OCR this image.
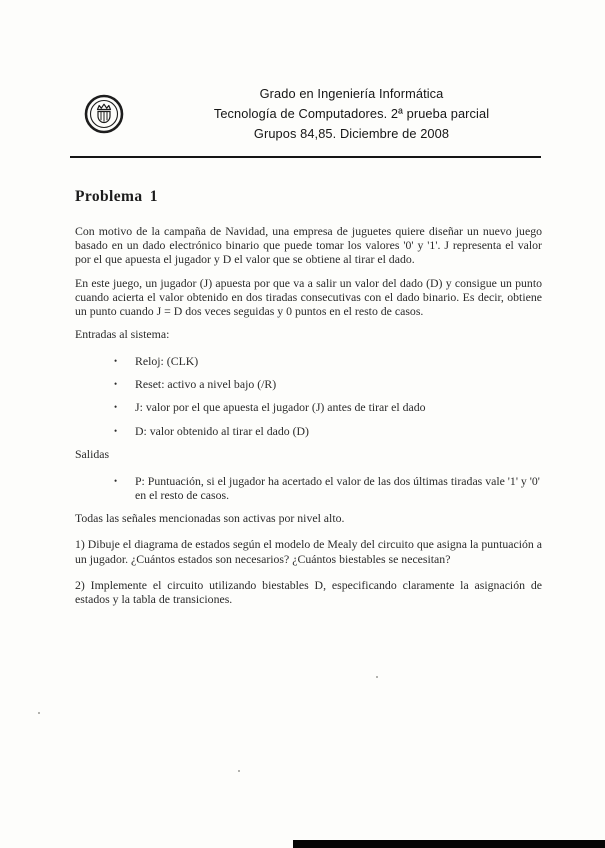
Grado en Ingeniería Informática
Tecnología de Computadores. 2ª prueba parcial
Grupos 84,85. Diciembre de 2008
Problema 1

Con motivo de la campaña de Navidad, una empresa de juguetes quiere diseñar un nuevo juego basado en un dado electrónico binario que puede tomar los valores '0' y '1'. J representa el valor por el que apuesta el jugador y D el valor que se obtiene al tirar el dado.

En este juego, un jugador (J) apuesta por que va a salir un valor del dado (D) y consigue un punto cuando acierta el valor obtenido en dos tiradas consecutivas con el dado binario. Es decir, obtiene un punto cuando J = D dos veces seguidas y 0 puntos en el resto de casos.

Entradas al sistema:

•	Reloj: (CLK)
•	Reset: activo a nivel bajo (/R)
•	J: valor por el que apuesta el jugador (J) antes de tirar el dado
•	D: valor obtenido al tirar el dado (D)

Salidas

•	P: Puntuación, si el jugador ha acertado el valor de las dos últimas tiradas vale '1' y '0' en el resto de casos.

Todas las señales mencionadas son activas por nivel alto.

1) Dibuje el diagrama de estados según el modelo de Mealy del circuito que asigna la puntuación a un jugador. ¿Cuántos estados son necesarios? ¿Cuántos biestables se necesitan?

2) Implemente el circuito utilizando biestables D, especificando claramente la asignación de estados y la tabla de transiciones.
